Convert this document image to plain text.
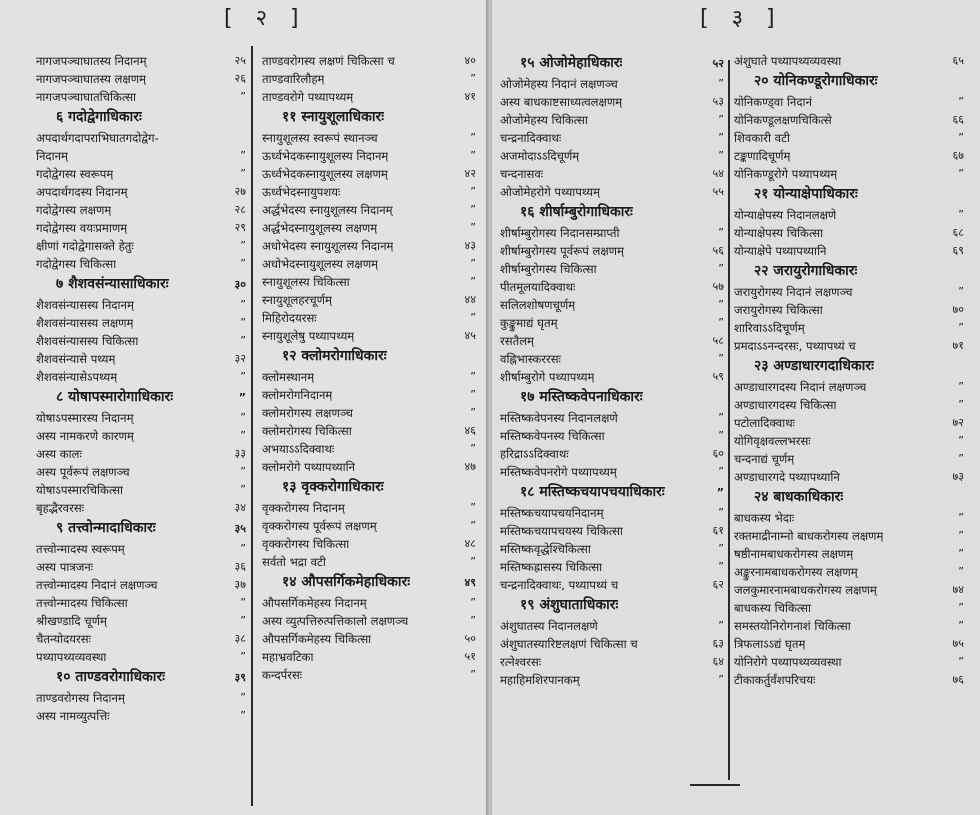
[ २ ]
नागजपञ्चाघातस्य निदानम्	२५
नागजपञ्चाघातस्य लक्षणम्	२६
नागजपञ्चाघातचिकित्सा	”
६ गदोद्वेगाधिकारः
अपदार्थगदापराभिघातगदोद्वेग-
निदानम्	”
गदोद्वेगस्य स्वरूपम्	”
अपदार्थगदस्य निदानम्	२७
गदोद्वेगस्य लक्षणम्	२८
गदोद्वेगस्य वयःप्रमाणम्	२९
क्षीणां गदोद्वेगासक्ते हेतुः	”
गदोद्वेगस्य चिकित्सा	”
७ शैशवसंन्यासाधिकारः	३०
शैशवसंन्यासस्य निदानम्	”
शैशवसंन्यासस्य लक्षणम्	”
शैशवसंन्यासस्य चिकित्सा	”
शैशवसंन्यासे पथ्यम्	३२
शैशवसंन्यासेऽपथ्यम्	”
८ योषापस्मारोगाधिकारः	”
योषाऽपस्मारस्य निदानम्	”
अस्य नामकरणे कारणम्	”
अस्य कालः	३३
अस्य पूर्वरूपं लक्षणञ्च	”
योषाऽपस्मारचिकित्सा	”
बृहद्भैरवरसः	३४
९ तत्त्वोन्मादाधिकारः	३५
तत्त्वोन्मादस्य स्वरूपम्	”
अस्य पात्रजनः	३६
तत्त्वोन्मादस्य निदानं लक्षणञ्च	३७
तत्त्वोन्मादस्य चिकित्सा	”
श्रीखण्डादि चूर्णम्	”
चैतन्योदयरसः	३८
पथ्यापथ्यव्यवस्था	”
१० ताण्डवरोगाधिकारः	३९
ताण्डवरोगस्य निदानम्	”
अस्य नामव्युत्पत्तिः	”
ताण्डवरोगस्य लक्षणं चिकित्सा च	४०
ताण्डवारिलौहम्	”
ताण्डवरोगे पथ्यापथ्यम्	४१
११ स्नायुशूलाधिकारः
स्नायुशूलस्य स्वरूपं स्थानञ्च	”
ऊर्ध्वभेदकस्नायुशूलस्य निदानम्	”
ऊर्ध्वभेदकस्नायुशूलस्य लक्षणम्	४२
ऊर्ध्वभेदस्नायुपशयः	”
अर्द्धभेदस्य स्नायुशूलस्य निदानम्	”
अर्द्धभेदस्नायुशूलस्य लक्षणम्	”
अधोभेदस्य स्नायुशूलस्य निदानम्	४३
अधोभेदस्नायुशूलस्य लक्षणम्	”
स्नायुशूलस्य चिकित्सा	”
स्नायुशूलहरचूर्णम्	४४
मिहिरोदयरसः	”
स्नायुशूलेषु पथ्यापथ्यम्	४५
१२ क्लोमरोगाधिकारः
क्लोमस्थानम्	”
क्लोमरोगनिदानम्	”
क्लोमरोगस्य लक्षणञ्च	”
क्लोमरोगस्य चिकित्सा	४६
अभयाऽऽदिक्वाथः	”
क्लोमरोगे पथ्यापथ्यानि	४७
१३ वृक्करोगाधिकारः
वृक्करोगस्य निदानम्	”
वृक्करोगस्य पूर्वरूपं लक्षणम्	”
वृक्करोगस्य चिकित्सा	४८
सर्वतो भद्रा वटी	”
१४ औपसर्गिकमेहाधिकारः	४९
औपसर्गिकमेहस्य निदानम्	”
अस्य व्युत्पत्तिरुत्पत्तिकालो लक्षणञ्च	”
औपसर्गिकमेहस्य चिकित्सा	५०
महाभ्रवटिका	५१
कन्दर्परसः	”
[ ३ ]
१५ ओजोमेहाधिकारः	५२
ओजोमेहस्य निदानं लक्षणञ्च	”
अस्य बाधकाष्टसाध्यत्वलक्षणम्	५३
ओजोमेहस्य चिकित्सा	”
चन्द्रनादिक्वाथः	”
अजमोदाऽऽदिचूर्णम्	”
चन्दनासवः	५४
ओजोमेहरोगे पथ्यापथ्यम्	५५
१६ शीर्षाम्बुरोगाधिकारः
शीर्षाम्बुरोगस्य निदानसम्प्राप्ती	”
शीर्षाम्बुरोगस्य पूर्वरूपं लक्षणम्	५६
शीर्षाम्बुरोगस्य चिकित्सा	”
पीतमूलयादिक्वाथः	५७
सलिलशोषणचूर्णम्	”
कुङ्कुमाद्यं घृतम्	”
रसतैलम्	५८
वह्निभास्कररसः	”
शीर्षाम्बुरोगे पथ्यापथ्यम्	५९
१७ मस्तिष्कवेपनाधिकारः
मस्तिष्कवेपनस्य निदानलक्षणे	”
मस्तिष्कवेपनस्य चिकित्सा	”
हरिद्राऽऽदिक्वाथः	६०
मस्तिष्कवेपनरोगे पथ्यापथ्यम्	”
१८ मस्तिष्कचयापचयाधिकारः	”
मस्तिष्कचयापचयनिदानम्	”
मस्तिष्कचयापचयस्य चिकित्सा	६१
मस्तिष्कवृद्धेश्चिकित्सा	”
मस्तिष्कह्रासस्य चिकित्सा	”
चन्द्रनादिक्वाथः, पथ्यापथ्यं च	६२
१९ अंशुघाताधिकारः
अंशुघातस्य निदानलक्षणे	”
अंशुघातस्यारिष्टलक्षणं चिकित्सा च	६३
रत्नेश्वरसः	६४
महाहिमशिरपानकम्	”
अंशुघाते पथ्यापथ्यव्यवस्था	६५
२० योनिकण्डूरोगाधिकारः
योनिकण्ड्वा निदानं	”
योनिकण्डूलक्षणचिकित्से	६६
शिवकारी वटी	”
टङ्कणादिचूर्णम्	६७
योनिकण्डूरोगे पथ्यापथ्यम्	”
२१ योन्याक्षेपाधिकारः
योन्याक्षेपस्य निदानलक्षणे	”
योन्याक्षेपस्य चिकित्सा	६८
योन्याक्षेपे पथ्यापथ्यानि	६९
२२ जरायुरोगाधिकारः
जरायुरोगस्य निदानं लक्षणञ्च	”
जरायुरोगस्य चिकित्सा	७०
शारिवाऽऽदिचूर्णम्	”
प्रमदाऽऽनन्दरसः, पथ्यापथ्यं च	७१
२३ अण्डाधारगदाधिकारः
अण्डाधारगदस्य निदानं लक्षणञ्च	”
अण्डाधारगदस्य चिकित्सा	”
पटोलादिक्वाथः	७२
योगिवृक्षवल्लभरसः	”
चन्दनाद्यं चूर्णम्	”
अण्डाधारगदे पथ्यापथ्यानि	७३
२४ बाधकाधिकारः
बाधकस्य भेदाः	”
रक्तमाद्रीनाम्नो बाधकरोगस्य लक्षणम्	”
षष्ठीनामबाधकरोगस्य लक्षणम्	”
अङ्कुरनामबाधकरोगस्य लक्षणम्	”
जलकुमारनामबाधकरोगस्य लक्षणम्	७४
बाधकस्य चिकित्सा	”
समस्तयोनिरोगनाशं चिकित्सा	”
त्रिफलाऽऽद्यं घृतम्	७५
योनिरोगे पथ्यापथ्यव्यवस्था	”
टीकाकर्तुर्वंशपरिचयः	७६
